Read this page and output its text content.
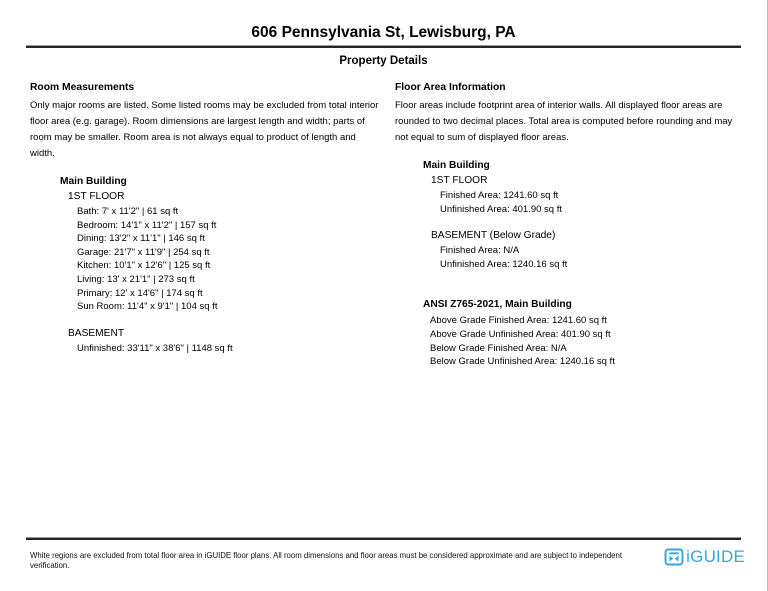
606 Pennsylvania St, Lewisburg, PA
Property Details
Room Measurements

Only major rooms are listed. Some listed rooms may be excluded from total interior floor area (e.g. garage). Room dimensions are largest length and width; parts of room may be smaller. Room area is not always equal to product of length and width.

Main Building
1ST FLOOR
Bath: 7' x 11'2" | 61 sq ft
Bedroom: 14'1" x 11'2" | 157 sq ft
Dining: 13'2" x 11'1" | 146 sq ft
Garage: 21'7" x 11'9" | 254 sq ft
Kitchen: 10'1" x 12'6" | 125 sq ft
Living: 13' x 21'1" | 273 sq ft
Primary: 12' x 14'6" | 174 sq ft
Sun Room: 11'4" x 9'1" | 104 sq ft
BASEMENT
Unfinished: 33'11" x 38'6" | 1148 sq ft
Floor Area Information

Floor areas include footprint area of interior walls. All displayed floor areas are rounded to two decimal places. Total area is computed before rounding and may not equal to sum of displayed floor areas.

Main Building
1ST FLOOR
Finished Area: 1241.60 sq ft
Unfinished Area: 401.90 sq ft
BASEMENT (Below Grade)
Finished Area: N/A
Unfinished Area: 1240.16 sq ft
ANSI Z765-2021, Main Building
Above Grade Finished Area: 1241.60 sq ft
Above Grade Unfinished Area: 401.90 sq ft
Below Grade Finished Area: N/A
Below Grade Unfinished Area: 1240.16 sq ft
White regions are excluded from total floor area in iGUIDE floor plans. All room dimensions and floor areas must be considered approximate and are subject to independent verification.	iGUIDE
